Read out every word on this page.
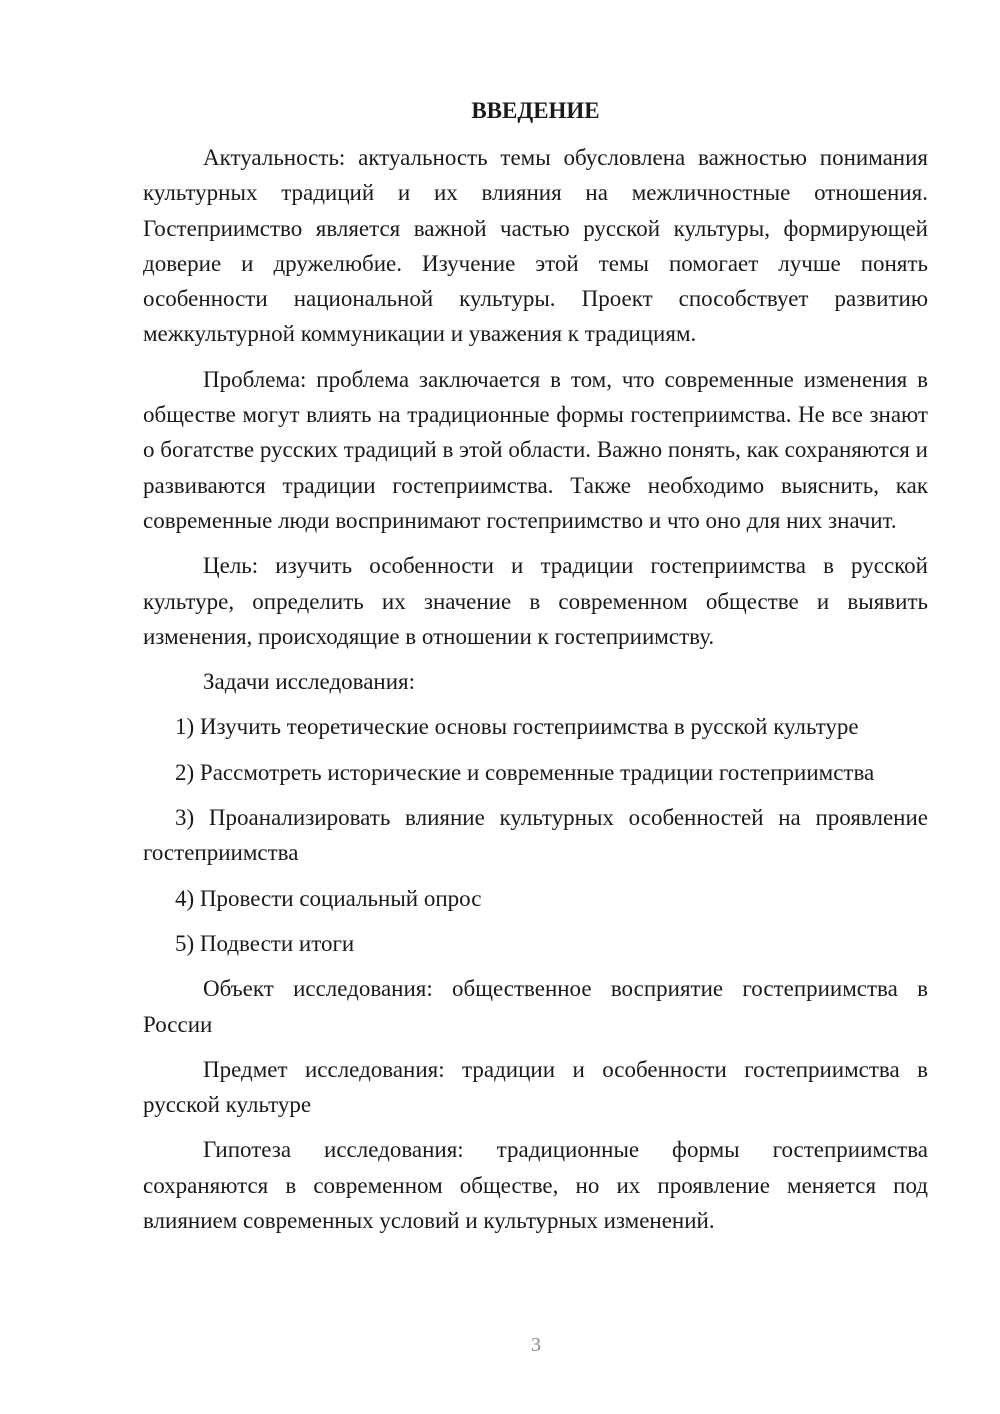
ВВЕДЕНИЕ

Актуальность: актуальность темы обусловлена важностью понимания культурных традиций и их влияния на межличностные отношения. Гостеприимство является важной частью русской культуры, формирующей доверие и дружелюбие. Изучение этой темы помогает лучше понять особенности национальной культуры. Проект способствует развитию межкультурной коммуникации и уважения к традициям.

Проблема: проблема заключается в том, что современные изменения в обществе могут влиять на традиционные формы гостеприимства. Не все знают о богатстве русских традиций в этой области. Важно понять, как сохраняются и развиваются традиции гостеприимства. Также необходимо выяснить, как современные люди воспринимают гостеприимство и что оно для них значит.

Цель: изучить особенности и традиции гостеприимства в русской культуре, определить их значение в современном обществе и выявить изменения, происходящие в отношении к гостеприимству.

Задачи исследования:

1) Изучить теоретические основы гостеприимства в русской культуре

2) Рассмотреть исторические и современные традиции гостеприимства

3) Проанализировать влияние культурных особенностей на проявление гостеприимства

4) Провести социальный опрос

5) Подвести итоги

Объект исследования: общественное восприятие гостеприимства в России

Предмет исследования: традиции и особенности гостеприимства в русской культуре

Гипотеза исследования: традиционные формы гостеприимства сохраняются в современном обществе, но их проявление меняется под влиянием современных условий и культурных изменений.

3
